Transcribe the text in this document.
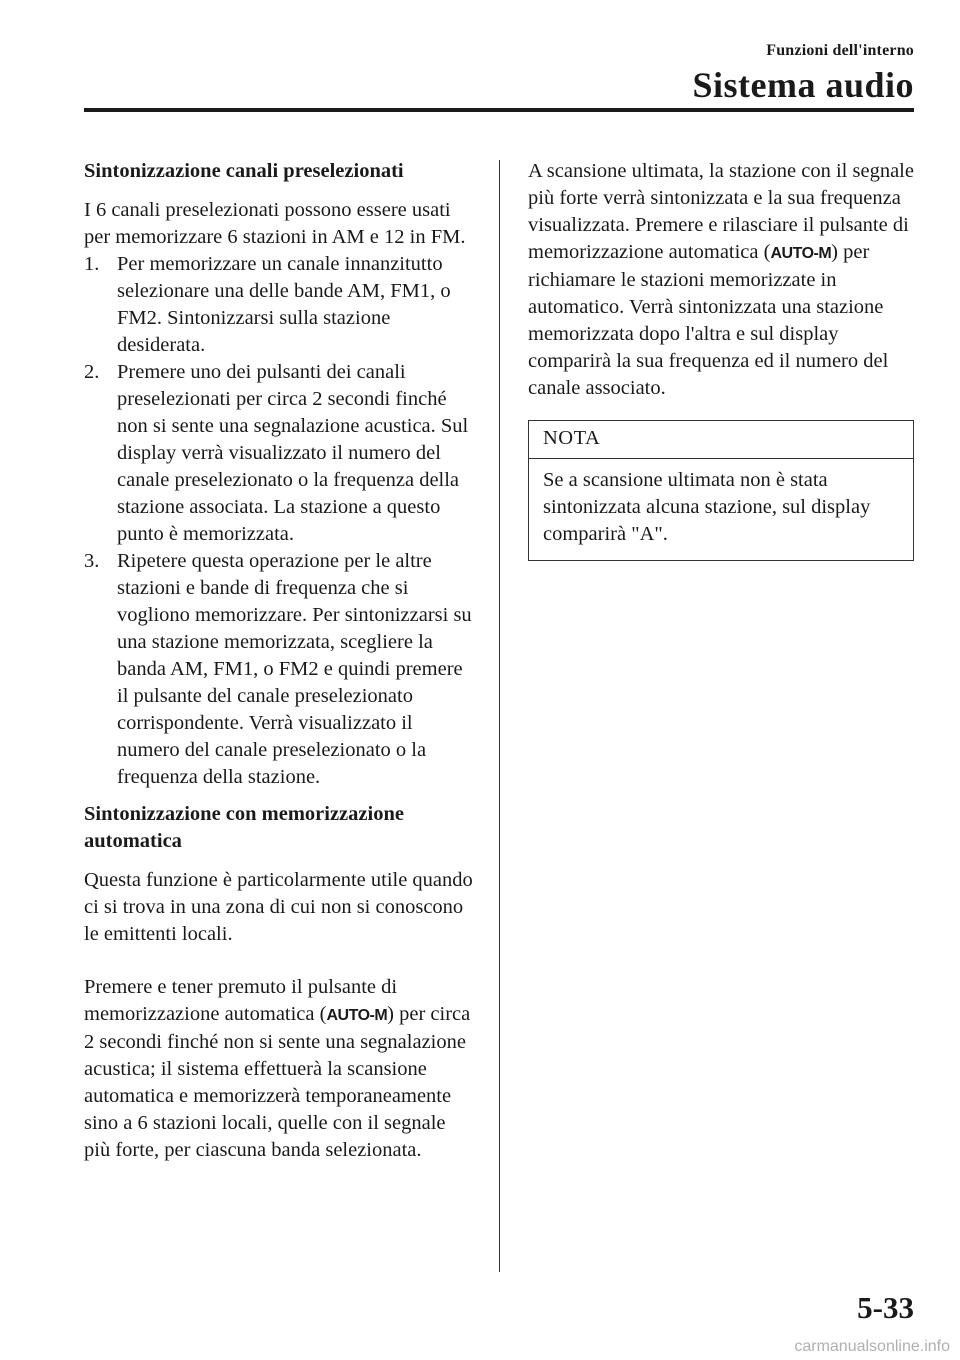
Funzioni dell'interno
Sistema audio

Sintonizzazione canali preselezionati

I 6 canali preselezionati possono essere usati per memorizzare 6 stazioni in AM e 12 in FM.

1. Per memorizzare un canale innanzitutto selezionare una delle bande AM, FM1, o FM2. Sintonizzarsi sulla stazione desiderata.
2. Premere uno dei pulsanti dei canali preselezionati per circa 2 secondi finché non si sente una segnalazione acustica. Sul display verrà visualizzato il numero del canale preselezionato o la frequenza della stazione associata. La stazione a questo punto è memorizzata.
3. Ripetere questa operazione per le altre stazioni e bande di frequenza che si vogliono memorizzare. Per sintonizzarsi su una stazione memorizzata, scegliere la banda AM, FM1, o FM2 e quindi premere il pulsante del canale preselezionato corrispondente. Verrà visualizzato il numero del canale preselezionato o la frequenza della stazione.

Sintonizzazione con memorizzazione automatica

Questa funzione è particolarmente utile quando ci si trova in una zona di cui non si conoscono le emittenti locali.

Premere e tener premuto il pulsante di memorizzazione automatica (AUTO-M) per circa 2 secondi finché non si sente una segnalazione acustica; il sistema effettuerà la scansione automatica e memorizzerà temporaneamente sino a 6 stazioni locali, quelle con il segnale più forte, per ciascuna banda selezionata.

A scansione ultimata, la stazione con il segnale più forte verrà sintonizzata e la sua frequenza visualizzata. Premere e rilasciare il pulsante di memorizzazione automatica (AUTO-M) per richiamare le stazioni memorizzate in automatico. Verrà sintonizzata una stazione memorizzata dopo l'altra e sul display comparirà la sua frequenza ed il numero del canale associato.

NOTA
Se a scansione ultimata non è stata sintonizzata alcuna stazione, sul display comparirà "A".
5-33
carmanualsonline.info
